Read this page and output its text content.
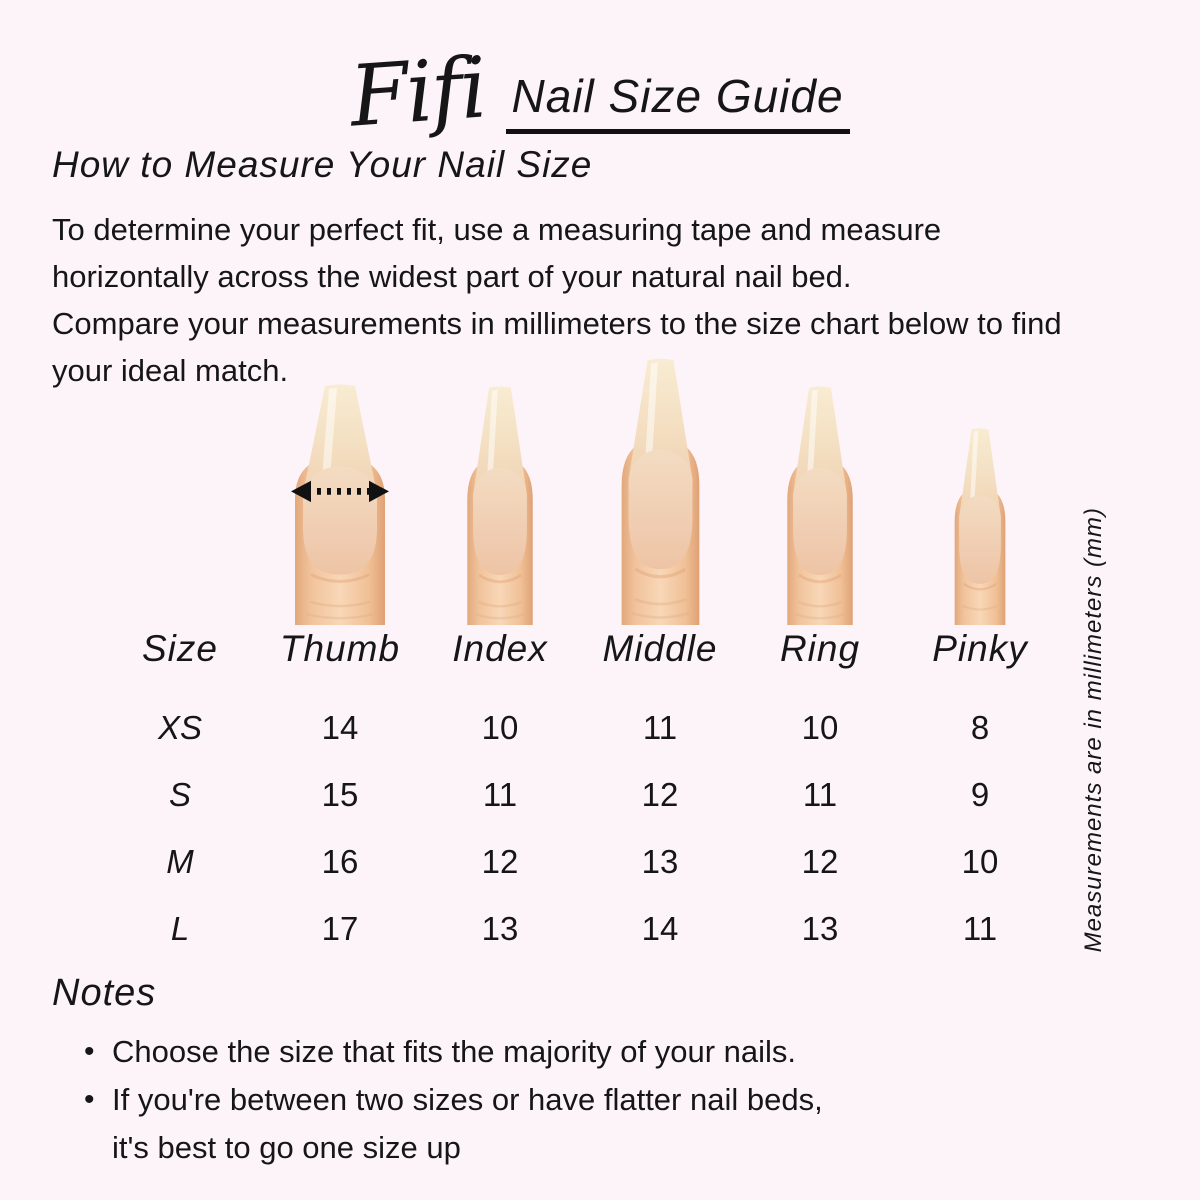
Fifi Nail Size Guide
How to Measure Your Nail Size
To determine your perfect fit, use a measuring tape and measure
horizontally across the widest part of your natural nail bed.
Compare your measurements in millimeters to the size chart below to find
your ideal match.
Size Thumb Index Middle Ring Pinky
XS	14	10	11	10	8
S	15	11	12	11	9
M	16	12	13	12	10
L	17	13	14	13	11	Measurements are in millimeters (mm)
Notes
• Choose the size that fits the majority of your nails.
• If you're between two sizes or have flatter nail beds,
it's best to go one size up
